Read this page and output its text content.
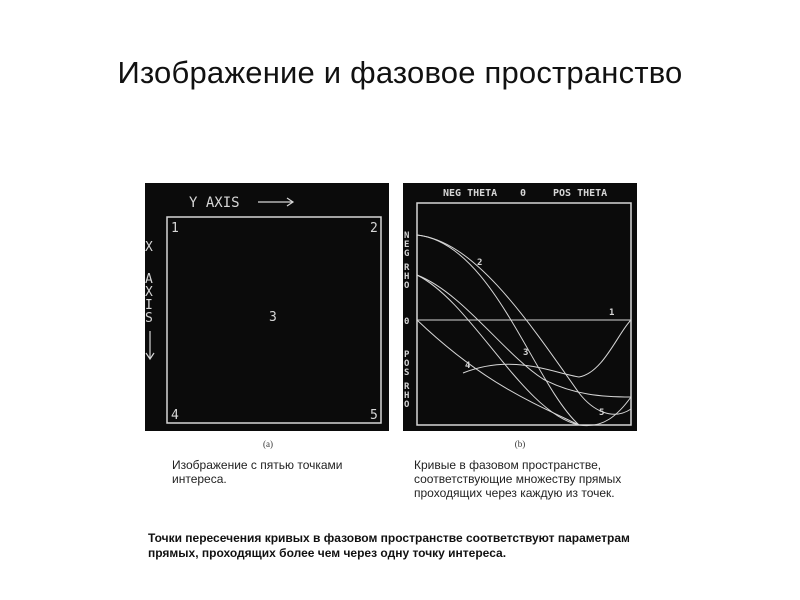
Изображение и фазовое пространство
Y AXIS
X A X I S
1	2
3
4	5
NEG THETA 0	POS THETA
N E G R H O
0
P O S R H O
1
2
3
4
5
(a)	(b)
Изображение с пятью точками интереса.
Кривые в фазовом пространстве, соответствующие множеству прямых проходящих через каждую из точек.
Точки пересечения кривых в фазовом пространстве соответствуют параметрам прямых, проходящих более чем через одну точку интереса.
